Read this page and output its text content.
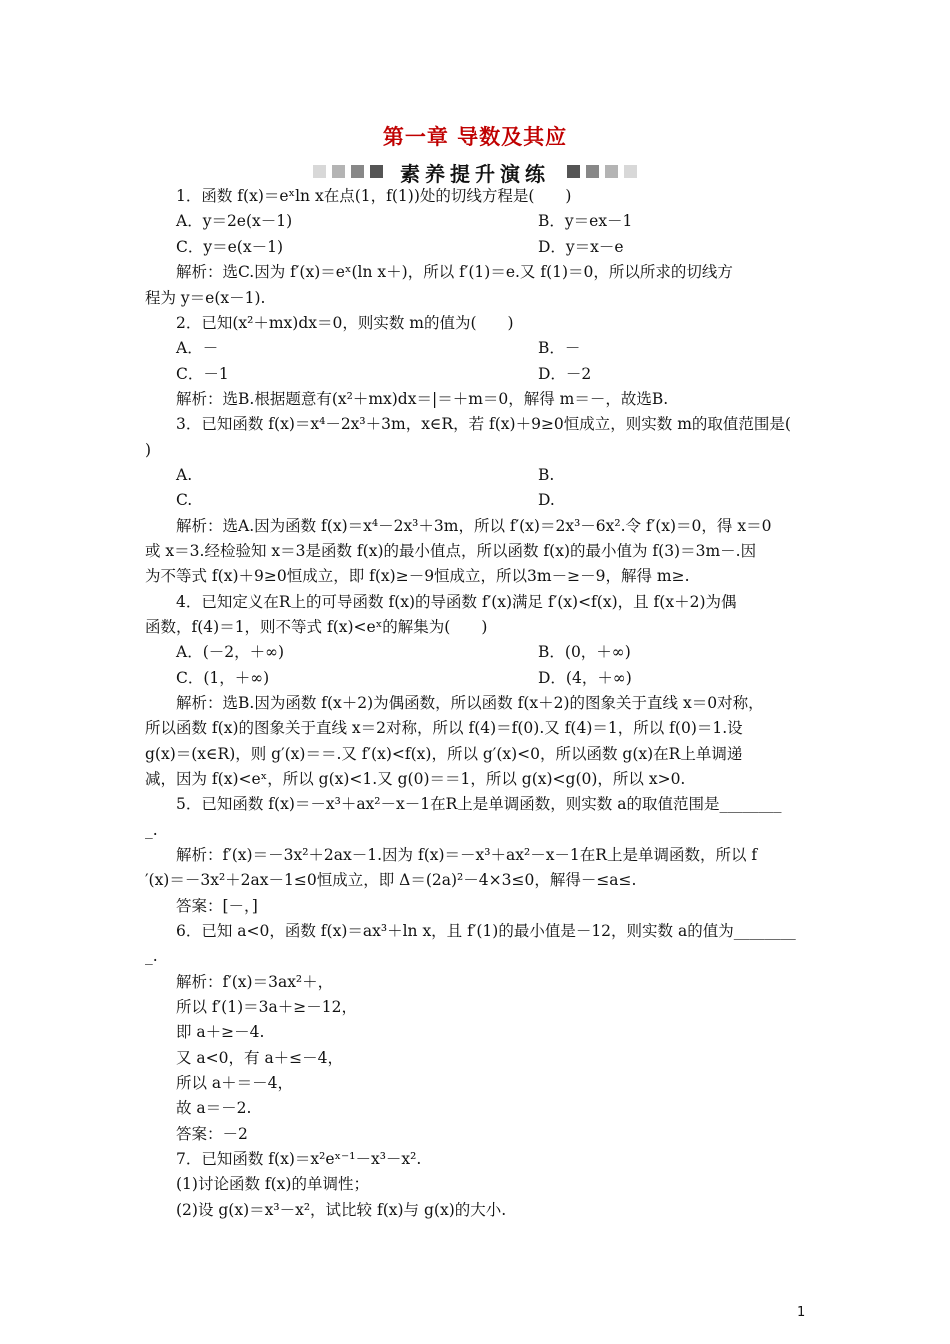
第一章 导数及其应
素养提升演练
1．函数 f(x)＝eˣln x在点(1，f(1))处的切线方程是(　　)
A．y＝2e(x－1)	B．y＝ex－1
C．y＝e(x－1)	D．y＝x－e
解析：选C.因为 f′(x)＝eˣ(ln x＋)，所以 f′(1)＝e.又 f(1)＝0，所以所求的切线方
程为 y＝e(x－1).
2．已知(x²＋mx)dx＝0，则实数 m的值为(　　)
A．－	B．－
C．－1	D．－2
解析：选B.根据题意有(x²＋mx)dx＝|＝＋m＝0，解得 m＝－，故选B.
3．已知函数 f(x)＝x⁴－2x³＋3m，x∈R，若 f(x)＋9≥0恒成立，则实数 m的取值范围是(
)
A.	B.
C.	D.
解析：选A.因为函数 f(x)＝x⁴－2x³＋3m，所以 f′(x)＝2x³－6x².令 f′(x)＝0，得 x＝0
或 x＝3.经检验知 x＝3是函数 f(x)的最小值点，所以函数 f(x)的最小值为 f(3)＝3m－.因
为不等式 f(x)＋9≥0恒成立，即 f(x)≥－9恒成立，所以3m－≥－9，解得 m≥.
4．已知定义在R上的可导函数 f(x)的导函数 f′(x)满足 f′(x)<f(x)，且 f(x＋2)为偶
函数，f(4)＝1，则不等式 f(x)<eˣ的解集为(　　)
A．(－2，＋∞)	B．(0，＋∞)
C．(1，＋∞)	D．(4，＋∞)
解析：选B.因为函数 f(x＋2)为偶函数，所以函数 f(x＋2)的图象关于直线 x＝0对称，
所以函数 f(x)的图象关于直线 x＝2对称，所以 f(4)＝f(0).又 f(4)＝1，所以 f(0)＝1.设
g(x)＝(x∈R)，则 g′(x)＝＝.又 f′(x)<f(x)，所以 g′(x)<0，所以函数 g(x)在R上单调递
减，因为 f(x)<eˣ，所以 g(x)<1.又 g(0)＝＝1，所以 g(x)<g(0)，所以 x>0.
5．已知函数 f(x)＝－x³＋ax²－x－1在R上是单调函数，则实数 a的取值范围是________
_.
解析：f′(x)＝－3x²＋2ax－1.因为 f(x)＝－x³＋ax²－x－1在R上是单调函数，所以 f
′(x)＝－3x²＋2ax－1≤0恒成立，即 Δ＝(2a)²－4×3≤0，解得－≤a≤.
答案：[－，]
6．已知 a<0，函数 f(x)＝ax³＋ln x，且 f′(1)的最小值是－12，则实数 a的值为________
_.
解析：f′(x)＝3ax²＋，
所以 f′(1)＝3a＋≥－12，
即 a＋≥－4.
又 a<0，有 a＋≤－4，
所以 a＋＝－4，
故 a＝－2.
答案：－2
7．已知函数 f(x)＝x²eˣ⁻¹－x³－x².
(1)讨论函数 f(x)的单调性；
(2)设 g(x)＝x³－x²，试比较 f(x)与 g(x)的大小.
1
